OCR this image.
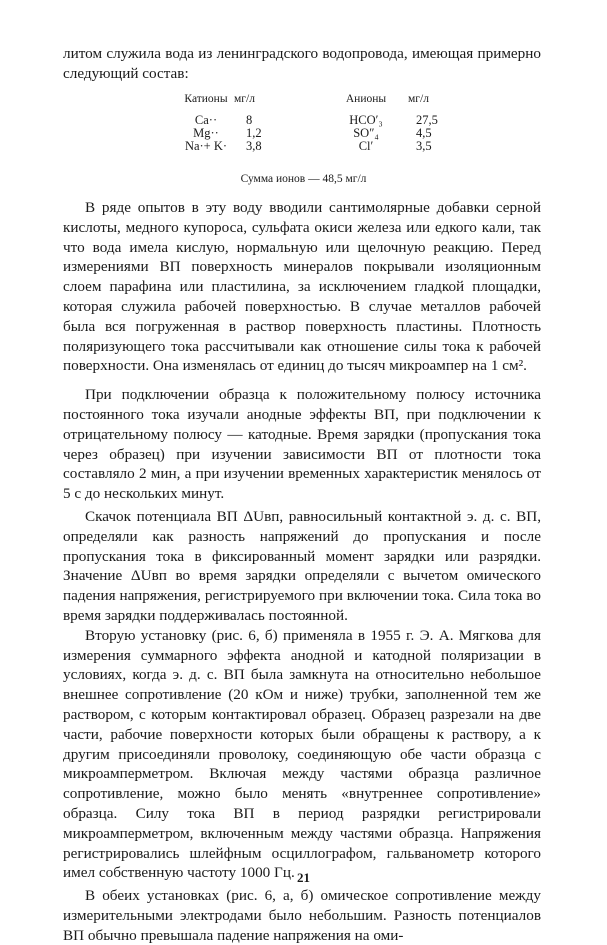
литом служила вода из ленинградского водопровода, имеющая примерно следующий состав:

Катионы
Ca··
Mg··
Na·+ K·
мг/л
8
1,2
3,8
Анионы
HCO′₃
SO″₄
Cl′
мг/л
27,5
4,5
3,5
Сумма ионов — 48,5 мг/л

В ряде опытов в эту воду вводили сантимолярные добавки серной кислоты, медного купороса, сульфата окиси железа или едкого кали, так что вода имела кислую, нормальную или щелочную реакцию. Перед измерениями ВП поверхность минералов покрывали изоляционным слоем парафина или пластилина, за исключением гладкой площадки, которая служила рабочей поверхностью. В случае металлов рабочей была вся погруженная в раствор поверхность пластины. Плотность поляризующего тока рассчитывали как отношение силы тока к рабочей поверхности. Она изменялась от единиц до тысяч микроампер на 1 см².

При подключении образца к положительному полюсу источника постоянного тока изучали анодные эффекты ВП, при подключении к отрицательному полюсу — катодные. Время зарядки (пропускания тока через образец) при изучении зависимости ВП от плотности тока составляло 2 мин, а при изучении временных характеристик менялось от 5 с до нескольких минут.

Скачок потенциала ВП ΔUвп, равносильный контактной э. д. с. ВП, определяли как разность напряжений до пропускания и после пропускания тока в фиксированный момент зарядки или разрядки. Значение ΔUвп во время зарядки определяли с вычетом омического падения напряжения, регистрируемого при включении тока. Сила тока во время зарядки поддерживалась постоянной.

Вторую установку (рис. 6, б) применяла в 1955 г. Э. А. Мягкова для измерения суммарного эффекта анодной и катодной поляризации в условиях, когда э. д. с. ВП была замкнута на относительно небольшое внешнее сопротивление (20 кОм и ниже) трубки, заполненной тем же раствором, с которым контактировал образец. Образец разрезали на две части, рабочие поверхности которых были обращены к раствору, а к другим присоединяли проволоку, соединяющую обе части образца с микроамперметром. Включая между частями образца различное сопротивление, можно было менять «внутреннее сопротивление» образца. Силу тока ВП в период разрядки регистрировали микроамперметром, включенным между частями образца. Напряжения регистрировались шлейфным осциллографом, гальванометр которого имел собственную частоту 1000 Гц.

В обеих установках (рис. 6, а, б) омическое сопротивление между измерительными электродами было небольшим. Разность потенциалов ВП обычно превышала падение напряжения на оми-

21
